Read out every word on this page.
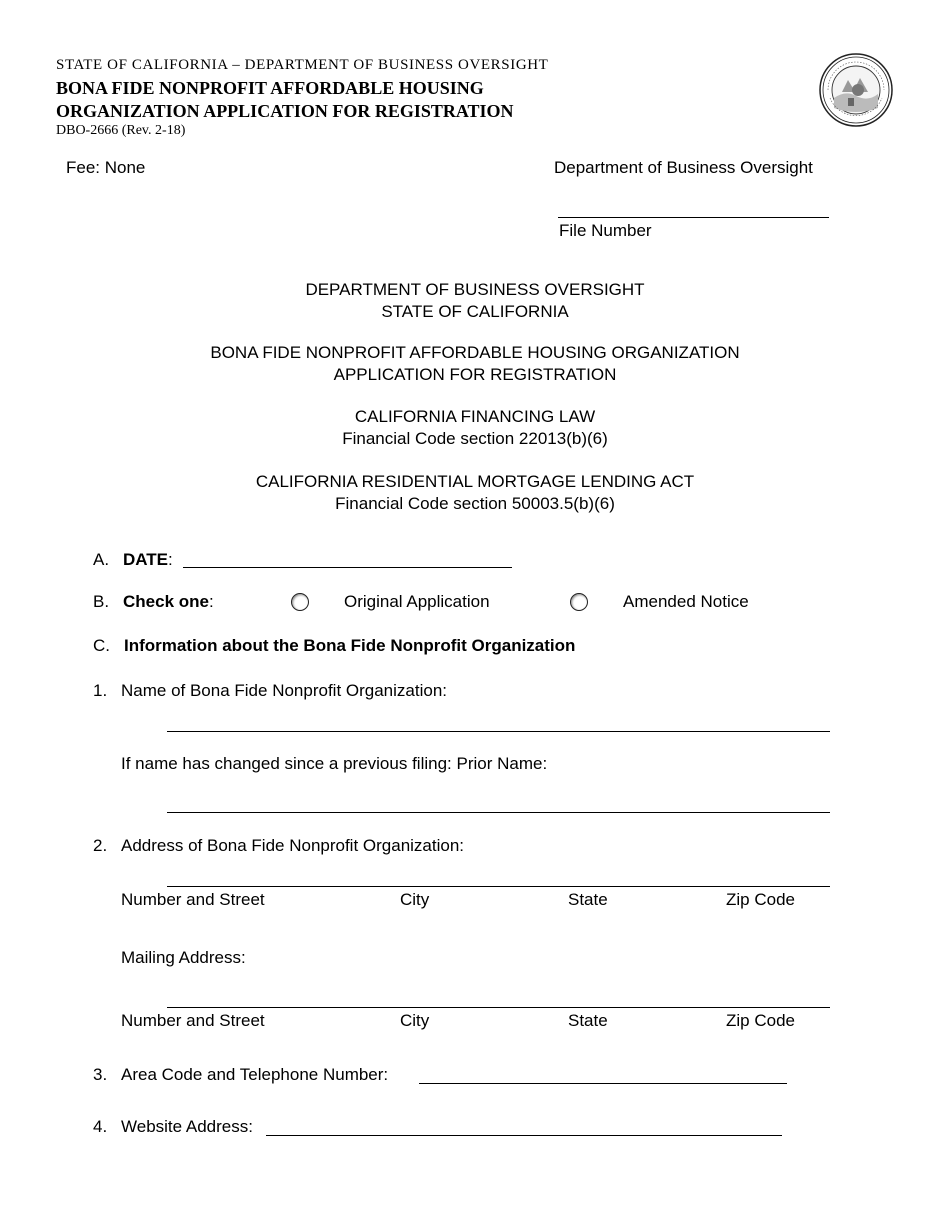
STATE OF CALIFORNIA – DEPARTMENT OF BUSINESS OVERSIGHT
BONA FIDE NONPROFIT AFFORDABLE HOUSING
ORGANIZATION APPLICATION FOR REGISTRATION
DBO-2666 (Rev. 2-18)
Fee: None	Department of Business Oversight
File Number
DEPARTMENT OF BUSINESS OVERSIGHT
STATE OF CALIFORNIA
BONA FIDE NONPROFIT AFFORDABLE HOUSING ORGANIZATION
APPLICATION FOR REGISTRATION
CALIFORNIA FINANCING LAW
Financial Code section 22013(b)(6)
CALIFORNIA RESIDENTIAL MORTGAGE LENDING ACT
Financial Code section 50003.5(b)(6)
A. DATE:
B. Check one:	Original Application	Amended Notice
C. Information about the Bona Fide Nonprofit Organization
1. Name of Bona Fide Nonprofit Organization:
If name has changed since a previous filing: Prior Name:
2. Address of Bona Fide Nonprofit Organization:
Number and Street	City	State	Zip Code
Mailing Address:
Number and Street	City	State	Zip Code
3. Area Code and Telephone Number:
4. Website Address:
